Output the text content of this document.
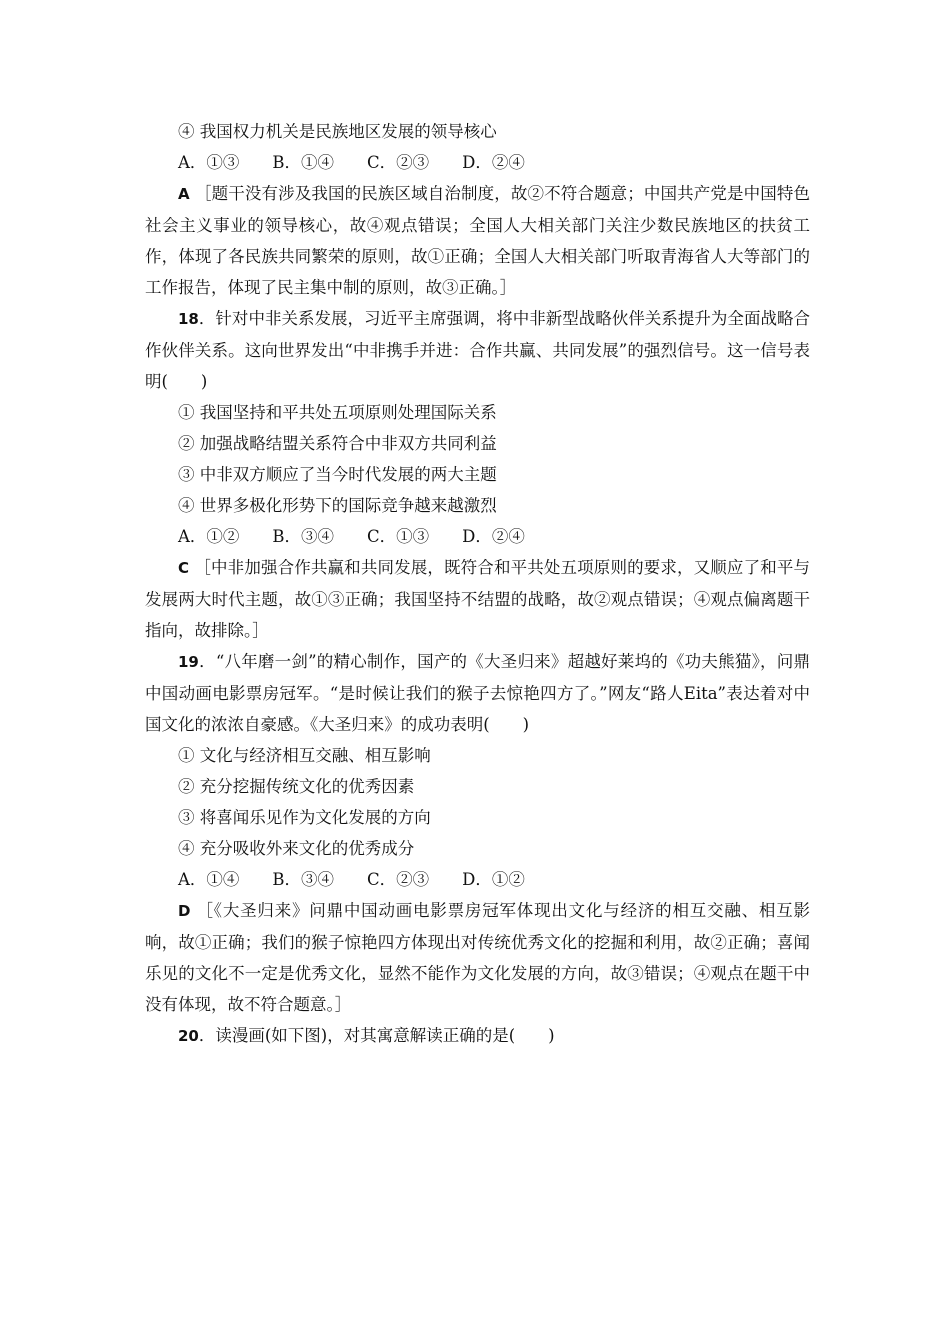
④ 我国权力机关是民族地区发展的领导核心
A．①③　　B．①④　　C．②③　　D．②④

A ［题干没有涉及我国的民族区域自治制度，故②不符合题意；中国共产党是中国特色社会主义事业的领导核心，故④观点错误；全国人大相关部门关注少数民族地区的扶贫工作，体现了各民族共同繁荣的原则，故①正确；全国人大相关部门听取青海省人大等部门的工作报告，体现了民主集中制的原则，故③正确。］

18．针对中非关系发展，习近平主席强调，将中非新型战略伙伴关系提升为全面战略合作伙伴关系。这向世界发出“中非携手并进：合作共赢、共同发展”的强烈信号。这一信号表明(　　)

① 我国坚持和平共处五项原则处理国际关系
② 加强战略结盟关系符合中非双方共同利益
③ 中非双方顺应了当今时代发展的两大主题
④ 世界多极化形势下的国际竞争越来越激烈
A．①②　　B．③④　　C．①③　　D．②④

C ［中非加强合作共赢和共同发展，既符合和平共处五项原则的要求，又顺应了和平与发展两大时代主题，故①③正确；我国坚持不结盟的战略，故②观点错误；④观点偏离题干指向，故排除。］

19．“八年磨一剑”的精心制作，国产的《大圣归来》超越好莱坞的《功夫熊猫》，问鼎中国动画电影票房冠军。“是时候让我们的猴子去惊艳四方了。”网友“路人Eita”表达着对中国文化的浓浓自豪感。《大圣归来》的成功表明(　　)

① 文化与经济相互交融、相互影响
② 充分挖掘传统文化的优秀因素
③ 将喜闻乐见作为文化发展的方向
④ 充分吸收外来文化的优秀成分
A．①④　　B．③④　　C．②③　　D．①②

D ［《大圣归来》问鼎中国动画电影票房冠军体现出文化与经济的相互交融、相互影响，故①正确；我们的猴子惊艳四方体现出对传统优秀文化的挖掘和利用，故②正确；喜闻乐见的文化不一定是优秀文化，显然不能作为文化发展的方向，故③错误；④观点在题干中没有体现，故不符合题意。］

20．读漫画(如下图)，对其寓意解读正确的是(　　)
